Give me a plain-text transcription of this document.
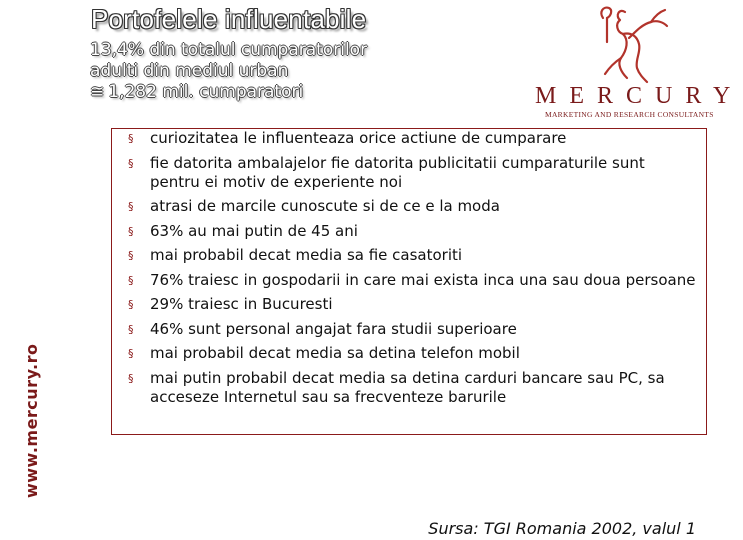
Portofelele influentabile
13,4% din totalul cumparatorilor
adulti din mediul urban
≅ 1,282 mil. cumparatori	MERCURY
MARKETING AND RESEARCH CONSULTANTS
www.mercury.ro
§ curiozitatea le influenteaza orice actiune de cumparare
§ fie datorita ambalajelor fie datorita publicitatii cumparaturile sunt pentru ei motiv de experiente noi
§ atrasi de marcile cunoscute si de ce e la moda
§ 63% au mai putin de 45 ani
§ mai probabil decat media sa fie casatoriti
§ 76% traiesc in gospodarii in care mai exista inca una sau doua persoane
§ 29% traiesc in Bucuresti
§ 46% sunt personal angajat fara studii superioare
§ mai probabil decat media sa detina telefon mobil
§ mai putin probabil decat media sa detina carduri bancare sau PC, sa acceseze Internetul sau sa frecventeze barurile
Sursa: TGI Romania 2002, valul 1
